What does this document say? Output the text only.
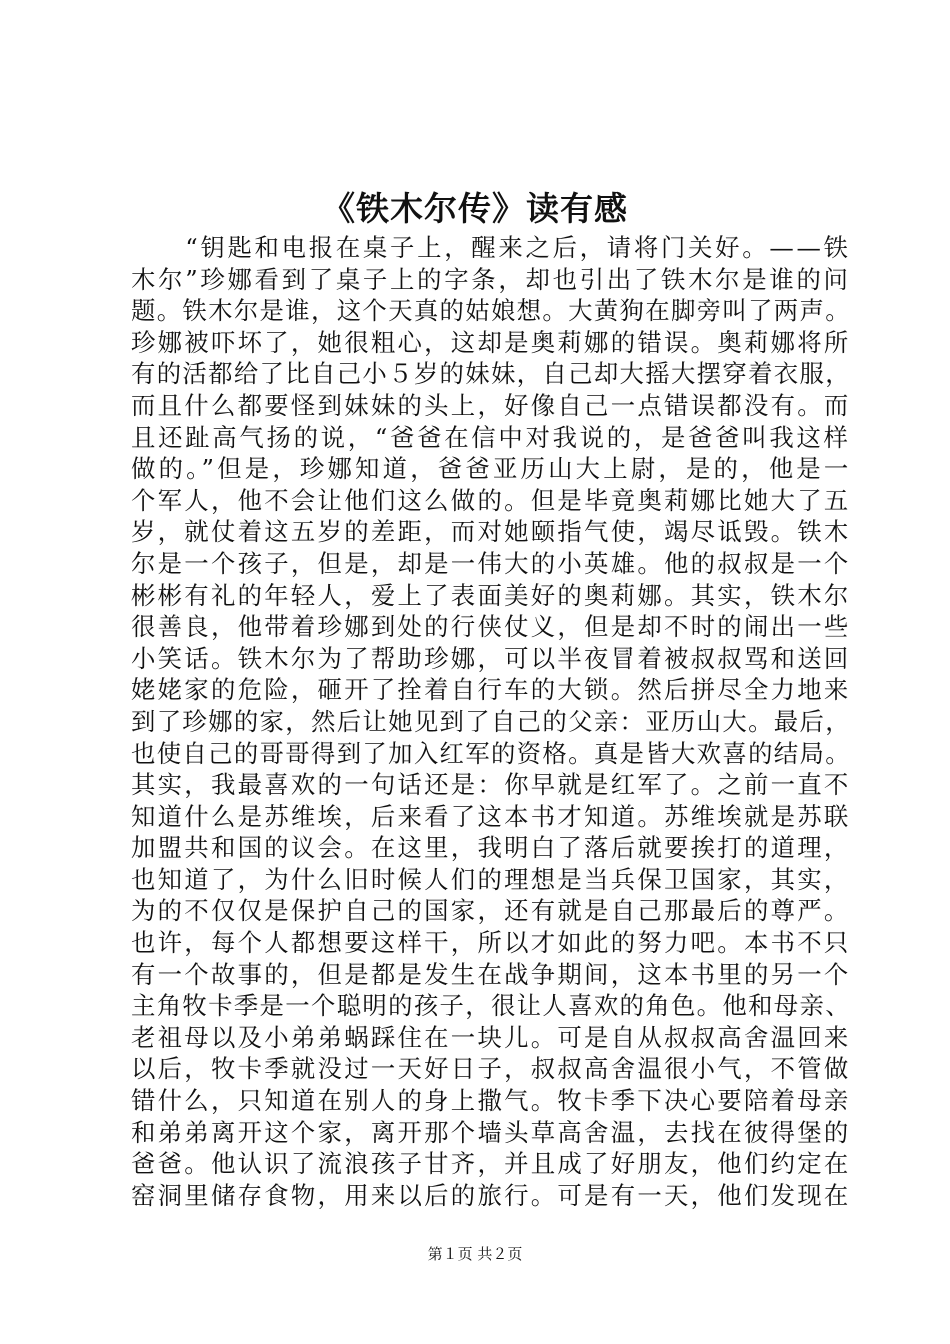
《铁木尔传》读有感
　　“钥匙和电报在桌子上，醒来之后，请将门关好。——铁
木尔”珍娜看到了桌子上的字条，却也引出了铁木尔是谁的问
题。铁木尔是谁，这个天真的姑娘想。大黄狗在脚旁叫了两声。
珍娜被吓坏了，她很粗心，这却是奥莉娜的错误。奥莉娜将所
有的活都给了比自己小５岁的妹妹，自己却大摇大摆穿着衣服，
而且什么都要怪到妹妹的头上，好像自己一点错误都没有。而
且还趾高气扬的说，“爸爸在信中对我说的，是爸爸叫我这样
做的。”但是，珍娜知道，爸爸亚历山大上尉，是的，他是一
个军人，他不会让他们这么做的。但是毕竟奥莉娜比她大了五
岁，就仗着这五岁的差距，而对她颐指气使，竭尽诋毁。铁木
尔是一个孩子，但是，却是一伟大的小英雄。他的叔叔是一个
彬彬有礼的年轻人，爱上了表面美好的奥莉娜。其实，铁木尔
很善良，他带着珍娜到处的行侠仗义，但是却不时的闹出一些
小笑话。铁木尔为了帮助珍娜，可以半夜冒着被叔叔骂和送回
姥姥家的危险，砸开了拴着自行车的大锁。然后拼尽全力地来
到了珍娜的家，然后让她见到了自己的父亲：亚历山大。最后，
也使自己的哥哥得到了加入红军的资格。真是皆大欢喜的结局。
其实，我最喜欢的一句话还是：你早就是红军了。之前一直不
知道什么是苏维埃，后来看了这本书才知道。苏维埃就是苏联
加盟共和国的议会。在这里，我明白了落后就要挨打的道理，
也知道了，为什么旧时候人们的理想是当兵保卫国家，其实，
为的不仅仅是保护自己的国家，还有就是自己那最后的尊严。
也许，每个人都想要这样干，所以才如此的努力吧。本书不只
有一个故事的，但是都是发生在战争期间，这本书里的另一个
主角牧卡季是一个聪明的孩子，很让人喜欢的角色。他和母亲、
老祖母以及小弟弟蜗踩住在一块儿。可是自从叔叔高舍温回来
以后，牧卡季就没过一天好日子，叔叔高舍温很小气，不管做
错什么，只知道在别人的身上撒气。牧卡季下决心要陪着母亲
和弟弟离开这个家，离开那个墙头草高舍温，去找在彼得堡的
爸爸。他认识了流浪孩子甘齐，并且成了好朋友，他们约定在
窑洞里储存食物，用来以后的旅行。可是有一天，他们发现在
第１页 共２页
